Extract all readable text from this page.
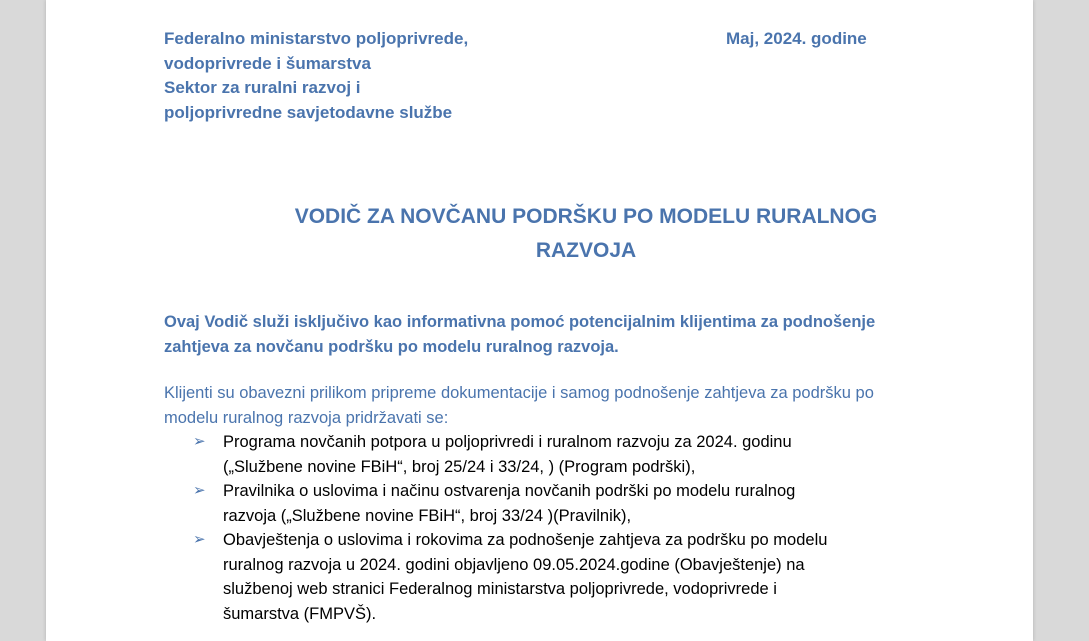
Federalno ministarstvo poljoprivrede,
vodoprivrede i šumarstva
Sektor za ruralni razvoj i
poljoprivredne savjetodavne službe
Maj, 2024. godine
VODIČ ZA NOVČANU PODRŠKU PO MODELU RURALNOG
RAZVOJA
Ovaj Vodič služi isključivo kao informativna pomoć potencijalnim klijentima za podnošenje
zahtjeva za novčanu podršku po modelu ruralnog razvoja.
Klijenti su obavezni prilikom pripreme dokumentacije i samog podnošenje zahtjeva za podršku po
modelu ruralnog razvoja pridržavati se:
➢ Programa novčanih potpora u poljoprivredi i ruralnom razvoju za 2024. godinu
(„Službene novine FBiH“, broj 25/24 i 33/24, ) (Program podrški),
➢ Pravilnika o uslovima i načinu ostvarenja novčanih podrški po modelu ruralnog
razvoja („Službene novine FBiH“, broj 33/24 )(Pravilnik),
➢ Obavještenja o uslovima i rokovima za podnošenje zahtjeva za podršku po modelu
ruralnog razvoja u 2024. godini objavljeno 09.05.2024.godine (Obavještenje) na
službenoj web stranici Federalnog ministarstva poljoprivrede, vodoprivrede i
šumarstva (FMPVŠ).
